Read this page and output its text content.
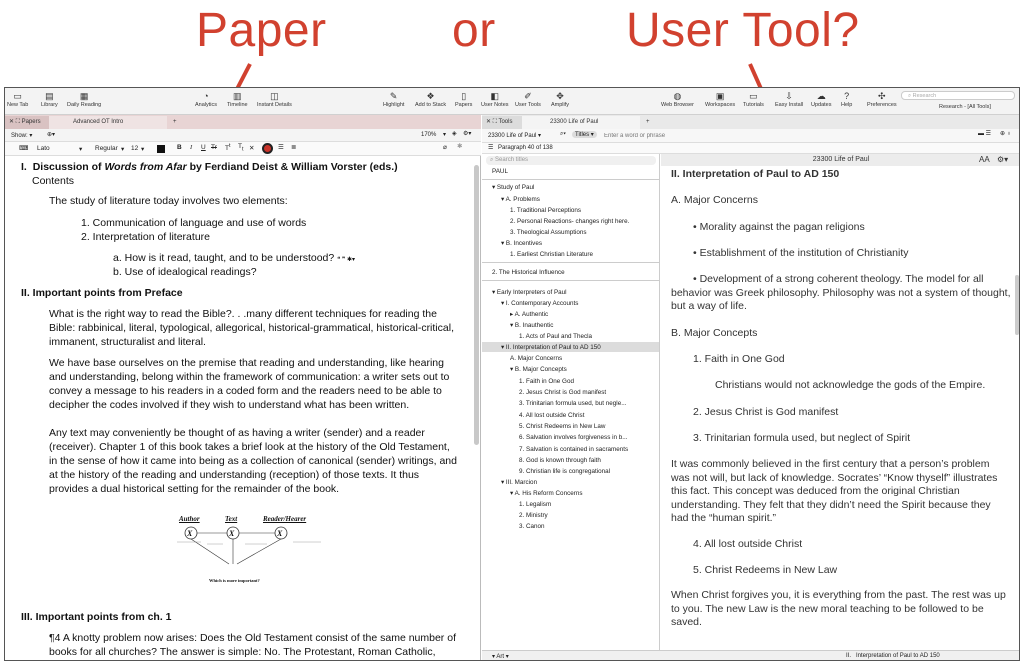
Paper	or	User Tool?
▭
New Tab
▤
Library
▦
Daily Reading
◔
Analytics
▥
Timeline
◫
Instant Details
✎
Highlight
❖
Add to Stack
▯
Papers
◧
User Notes
✐
User Tools
✥
Amplify
◍
Web Browser
▣
Workspaces
▭
Tutorials
⇩
Easy Install
☁
Updates
?
Help
✣
Preferences
⌕ Research
Research - [All Tools]
✕ ⛶ Papers	Advanced OT Intro	+
Show: ▾ ⊕▾	170% ▾ ◈ ⚙▾
⌨ Lato	▾ Regular ▾ 12 ▾	B I U Tr $T^t$ $T_t$ ✕	☰ ≣	⌀ ✱
I. Discussion of Words from Afar by Ferdiand Deist & William Vorster (eds.)
Contents
The study of literature today involves two elements:
1. Communication of language and use of words
2. Interpretation of literature
a. How is it read, taught, and to be understood? ❝ ❞ ✱▾
b. Use of idealogical readings?
II. Important points from Preface
What is the right way to read the Bible?. . .many different techniques for reading the Bible: rabbinical, literal, typological, allegorical, historical-grammatical, historical-critical, immanent, structuralist and literal.
We have base ourselves on the premise that reading and understanding, like hearing and understanding, belong within the framework of communication: a writer sets out to convey a message to his readers in a coded form and the readers need to be able to decipher the codes involved if they wish to understand what has been written.
Any text may conveniently be thought of as having a writer (sender) and a reader (receiver). Chapter 1 of this book takes a brief look at the history of the Old Testament, in the sense of how it came into being as a collection of canonical (sender) writings, and at the history of the reading and understanding (reception) of those texts. It thus provides a dual historical setting for the remainder of the book.
Author	Text	Reader/Hearer
X	X	X
Which is more important?
III. Important points from ch. 1
¶4 A knotty problem now arises: Does the Old Testament consist of the same number of books for all churches? The answer is simple: No. The Protestant, Roman Catholic,
✕ ⛶ Tools	23300 Life of Paul	+
23300 Life of Paul ▾	⌕▾	Titles ▾
Enter a word or phrase	▬ ☰ ⊕ ♁
☰ Paragraph 40 of 138
⌕ Search titles
PAUL
▾ Study of Paul
▾ A. Problems
1. Traditional Perceptions
2. Personal Reactions- changes right here.
3. Theological Assumptions
▾ B. Incentives
1. Earliest Christian Literature
2. The Historical Influence
▾ Early Interpreters of Paul
▾ I. Contemporary Accounts
▸ A. Authentic
▾ B. Inauthentic
1. Acts of Paul and Thecla
▾ II. Interpretation of Paul to AD 150
A. Major Concerns
▾ B. Major Concepts
1. Faith in One God
2. Jesus Christ is God manifest
3. Trinitarian formula used, but negle...
4. All lost outside Christ
5. Christ Redeems in New Law
6. Salvation involves forgiveness in b...
7. Salvation is contained in sacraments
8. God is known through faith
9. Christian life is congregational
▾ III. Marcion
▾ A. His Reform Concerns
1. Legalism
2. Ministry
3. Canon
23300 Life of Paul	AA ⚙▾
II. Interpretation of Paul to AD 150
A. Major Concerns
• Morality against the pagan religions
• Establishment of the institution of Christianity
• Development of a strong coherent theology. The model for all behavior was Greek philosophy. Philosophy was not a system of thought, but a way of life.
B. Major Concepts
1. Faith in One God
Christians would not acknowledge the gods of the Empire.
2. Jesus Christ is God manifest
3. Trinitarian formula used, but neglect of Spirit
It was commonly believed in the first century that a person’s problem was not will, but lack of knowledge. Socrates’ “Know thyself” illustrates this fact. This concept was deduced from the original Christian understanding. They felt that they didn’t need the Spirit because they had the “human spirit.”
4. All lost outside Christ
5. Christ Redeems in New Law
When Christ forgives you, it is everything from the past. The rest was up to you. The new Law is the new moral teaching to be followed to be saved.
▾ Art ▾	II.   Interpretation of Paul to AD 150
